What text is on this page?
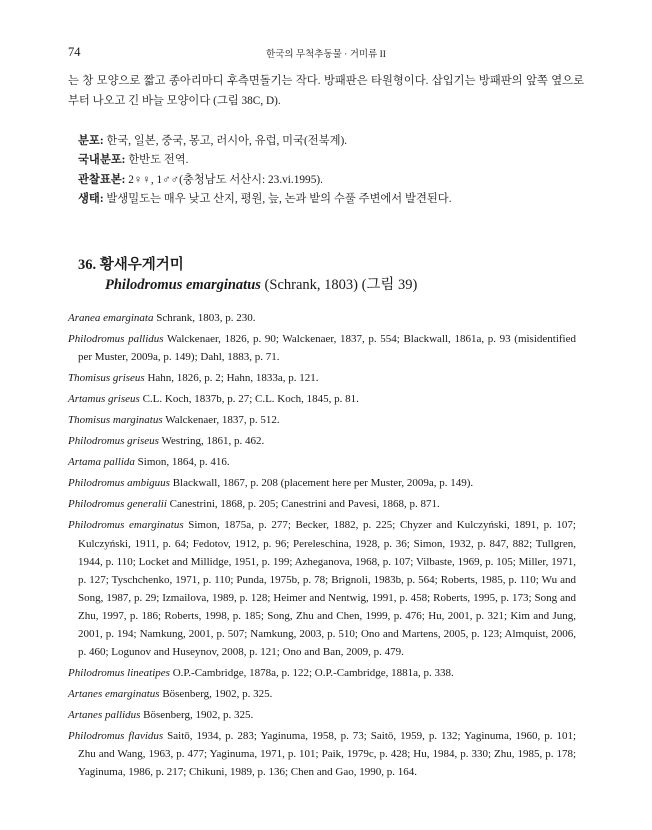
74	한국의 무척추동물 · 거미류 II

는 창 모양으로 짧고 종아리마디 후측면돌기는 작다. 방패판은 타원형이다. 삽입기는 방패판의 앞쪽 옆으로부터 나오고 긴 바늘 모양이다 (그림 38C, D).

분포: 한국, 일본, 중국, 몽고, 러시아, 유럽, 미국(전북계).
국내분포: 한반도 전역.
관찰표본: 2♀♀, 1♂♂(충청남도 서산시: 23.vi.1995).
생태: 발생밀도는 매우 낮고 산지, 평원, 늪, 논과 밭의 수풀 주변에서 발견된다.
36. 황새우게거미
Philodromus emarginatus (Schrank, 1803) (그림 39)

Aranea emarginata Schrank, 1803, p. 230.

Philodromus pallidus Walckenaer, 1826, p. 90; Walckenaer, 1837, p. 554; Blackwall, 1861a, p. 93 (misidentified per Muster, 2009a, p. 149); Dahl, 1883, p. 71.

Thomisus griseus Hahn, 1826, p. 2; Hahn, 1833a, p. 121.

Artamus griseus C.L. Koch, 1837b, p. 27; C.L. Koch, 1845, p. 81.

Thomisus marginatus Walckenaer, 1837, p. 512.

Philodromus griseus Westring, 1861, p. 462.

Artama pallida Simon, 1864, p. 416.

Philodromus ambiguus Blackwall, 1867, p. 208 (placement here per Muster, 2009a, p. 149).

Philodromus generalii Canestrini, 1868, p. 205; Canestrini and Pavesi, 1868, p. 871.

Philodromus emarginatus Simon, 1875a, p. 277; Becker, 1882, p. 225; Chyzer and Kulczyński, 1891, p. 107; Kulczyński, 1911, p. 64; Fedotov, 1912, p. 96; Pereleschina, 1928, p. 36; Simon, 1932, p. 847, 882; Tullgren, 1944, p. 110; Locket and Millidge, 1951, p. 199; Azheganova, 1968, p. 107; Vilbaste, 1969, p. 105; Miller, 1971, p. 127; Tyschchenko, 1971, p. 110; Punda, 1975b, p. 78; Brignoli, 1983b, p. 564; Roberts, 1985, p. 110; Wu and Song, 1987, p. 29; Izmailova, 1989, p. 128; Heimer and Nentwig, 1991, p. 458; Roberts, 1995, p. 173; Song and Zhu, 1997, p. 186; Roberts, 1998, p. 185; Song, Zhu and Chen, 1999, p. 476; Hu, 2001, p. 321; Kim and Jung, 2001, p. 194; Namkung, 2001, p. 507; Namkung, 2003, p. 510; Ono and Martens, 2005, p. 123; Almquist, 2006, p. 460; Logunov and Huseynov, 2008, p. 121; Ono and Ban, 2009, p. 479.

Philodromus lineatipes O.P.-Cambridge, 1878a, p. 122; O.P.-Cambridge, 1881a, p. 338.

Artanes emarginatus Bösenberg, 1902, p. 325.

Artanes pallidus Bösenberg, 1902, p. 325.

Philodromus flavidus Saitō, 1934, p. 283; Yaginuma, 1958, p. 73; Saitō, 1959, p. 132; Yaginuma, 1960, p. 101; Zhu and Wang, 1963, p. 477; Yaginuma, 1971, p. 101; Paik, 1979c, p. 428; Hu, 1984, p. 330; Zhu, 1985, p. 178; Yaginuma, 1986, p. 217; Chikuni, 1989, p. 136; Chen and Gao, 1990, p. 164.
